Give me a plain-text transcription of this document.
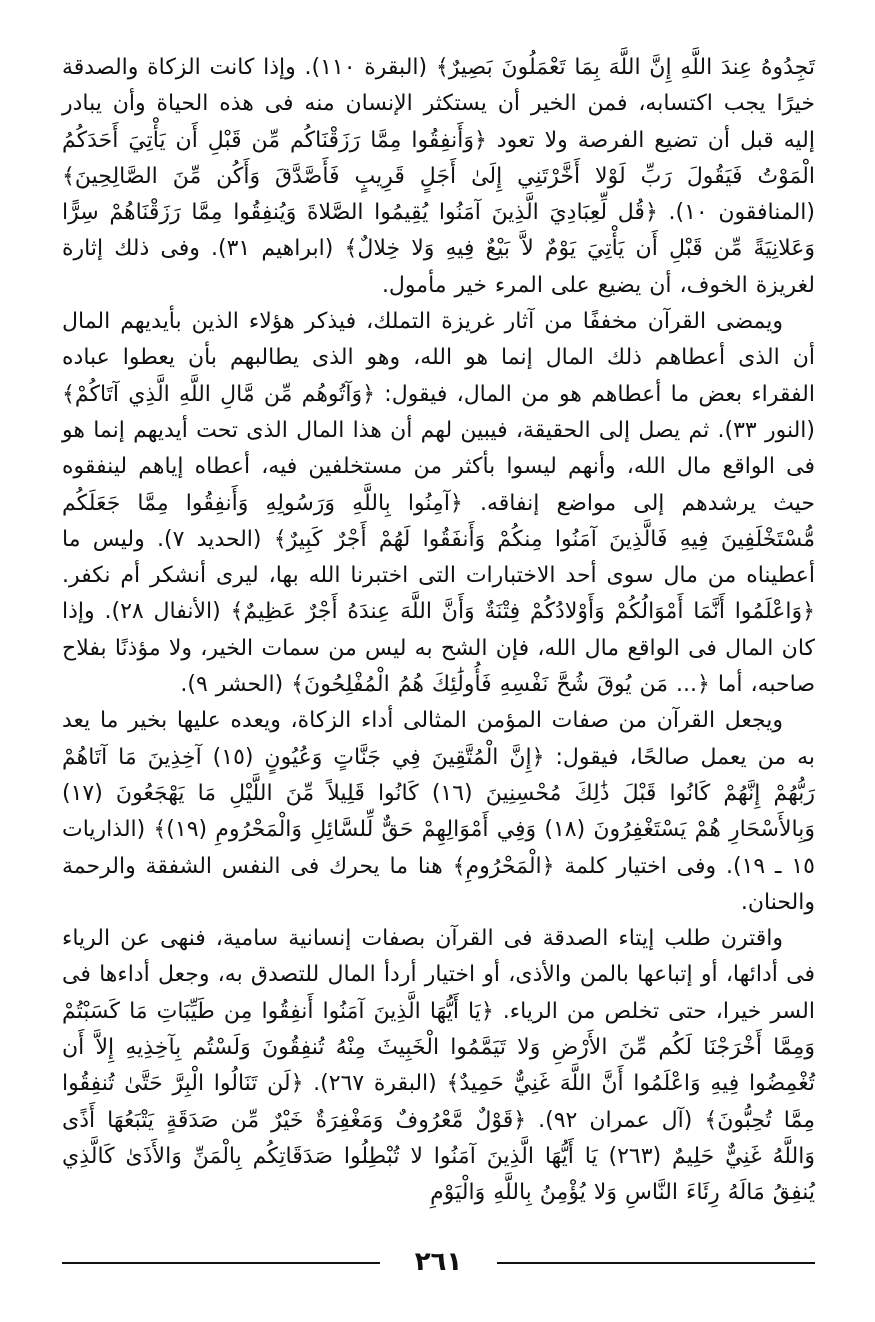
تَجِدُوهُ عِندَ اللَّهِ إِنَّ اللَّهَ بِمَا تَعْمَلُونَ بَصِيرٌ﴾ (البقرة ١١٠). وإذا كانت الزكاة والصدقة خيرًا يجب اكتسابه، فمن الخير أن يستكثر الإنسان منه فى هذه الحياة وأن يبادر إليه قبل أن تضيع الفرصة ولا تعود ﴿وَأَنفِقُوا مِمَّا رَزَقْنَاكُم مِّن قَبْلِ أَن يَأْتِيَ أَحَدَكُمُ الْمَوْتُ فَيَقُولَ رَبِّ لَوْلا أَخَّرْتَنِي إِلَىٰ أَجَلٍ قَرِيبٍ فَأَصَّدَّقَ وَأَكُن مِّنَ الصَّالِحِينَ﴾ (المنافقون ١٠). ﴿قُل لِّعِبَادِيَ الَّذِينَ آمَنُوا يُقِيمُوا الصَّلاةَ وَيُنفِقُوا مِمَّا رَزَقْنَاهُمْ سِرًّا وَعَلانِيَةً مِّن قَبْلِ أَن يَأْتِيَ يَوْمٌ لاَّ بَيْعٌ فِيهِ وَلا خِلالٌ﴾ (ابراهيم ٣١). وفى ذلك إثارة لغريزة الخوف، أن يضيع على المرء خير مأمول.

ويمضى القرآن مخففًا من آثار غريزة التملك، فيذكر هؤلاء الذين بأيديهم المال أن الذى أعطاهم ذلك المال إنما هو الله، وهو الذى يطالبهم بأن يعطوا عباده الفقراء بعض ما أعطاهم هو من المال، فيقول: ﴿وَآتُوهُم مِّن مَّالِ اللَّهِ الَّذِي آتَاكُمْ﴾ (النور ٣٣). ثم يصل إلى الحقيقة، فيبين لهم أن هذا المال الذى تحت أيديهم إنما هو فى الواقع مال الله، وأنهم ليسوا بأكثر من مستخلفين فيه، أعطاه إياهم لينفقوه حيث يرشدهم إلى مواضع إنفاقه. ﴿آمِنُوا بِاللَّهِ وَرَسُولِهِ وَأَنفِقُوا مِمَّا جَعَلَكُم مُّسْتَخْلَفِينَ فِيهِ فَالَّذِينَ آمَنُوا مِنكُمْ وَأَنفَقُوا لَهُمْ أَجْرٌ كَبِيرٌ﴾ (الحديد ٧). وليس ما أعطيناه من مال سوى أحد الاختبارات التى اختبرنا الله بها، ليرى أنشكر أم نكفر. ﴿وَاعْلَمُوا أَنَّمَا أَمْوَالُكُمْ وَأَوْلادُكُمْ فِتْنَةٌ وَأَنَّ اللَّهَ عِندَهُ أَجْرٌ عَظِيمٌ﴾ (الأنفال ٢٨). وإذا كان المال فى الواقع مال الله، فإن الشح به ليس من سمات الخير، ولا مؤذنًا بفلاح صاحبه، أما ﴿... مَن يُوقَ شُحَّ نَفْسِهِ فَأُولَٰئِكَ هُمُ الْمُفْلِحُونَ﴾ (الحشر ٩).

ويجعل القرآن من صفات المؤمن المثالى أداء الزكاة، ويعده عليها بخير ما يعد به من يعمل صالحًا، فيقول: ﴿إِنَّ الْمُتَّقِينَ فِي جَنَّاتٍ وَعُيُونٍ (١٥) آخِذِينَ مَا آتَاهُمْ رَبُّهُمْ إِنَّهُمْ كَانُوا قَبْلَ ذَٰلِكَ مُحْسِنِينَ (١٦) كَانُوا قَلِيلاً مِّنَ اللَّيْلِ مَا يَهْجَعُونَ (١٧) وَبِالأَسْحَارِ هُمْ يَسْتَغْفِرُونَ (١٨) وَفِي أَمْوَالِهِمْ حَقٌّ لِّلسَّائِلِ وَالْمَحْرُومِ (١٩)﴾ (الذاريات ١٥ ـ ١٩). وفى اختيار كلمة ﴿الْمَحْرُومِ﴾ هنا ما يحرك فى النفس الشفقة والرحمة والحنان.

واقترن طلب إيتاء الصدقة فى القرآن بصفات إنسانية سامية، فنهى عن الرياء فى أدائها، أو إتباعها بالمن والأذى، أو اختيار أردأ المال للتصدق به، وجعل أداءها فى السر خيرا، حتى تخلص من الرياء. ﴿يَا أَيُّهَا الَّذِينَ آمَنُوا أَنفِقُوا مِن طَيِّبَاتِ مَا كَسَبْتُمْ وَمِمَّا أَخْرَجْنَا لَكُم مِّنَ الأَرْضِ وَلا تَيَمَّمُوا الْخَبِيثَ مِنْهُ تُنفِقُونَ وَلَسْتُم بِآخِذِيهِ إِلاَّ أَن تُغْمِضُوا فِيهِ وَاعْلَمُوا أَنَّ اللَّهَ غَنِيٌّ حَمِيدٌ﴾ (البقرة ٢٦٧). ﴿لَن تَنَالُوا الْبِرَّ حَتَّىٰ تُنفِقُوا مِمَّا تُحِبُّونَ﴾ (آل عمران ٩٢). ﴿قَوْلٌ مَّعْرُوفٌ وَمَغْفِرَةٌ خَيْرٌ مِّن صَدَقَةٍ يَتْبَعُهَا أَذًى وَاللَّهُ غَنِيٌّ حَلِيمٌ (٢٦٣) يَا أَيُّهَا الَّذِينَ آمَنُوا لا تُبْطِلُوا صَدَقَاتِكُم بِالْمَنِّ وَالأَذَىٰ كَالَّذِي يُنفِقُ مَالَهُ رِئَاءَ النَّاسِ وَلا يُؤْمِنُ بِاللَّهِ وَالْيَوْمِ

٢٦١
